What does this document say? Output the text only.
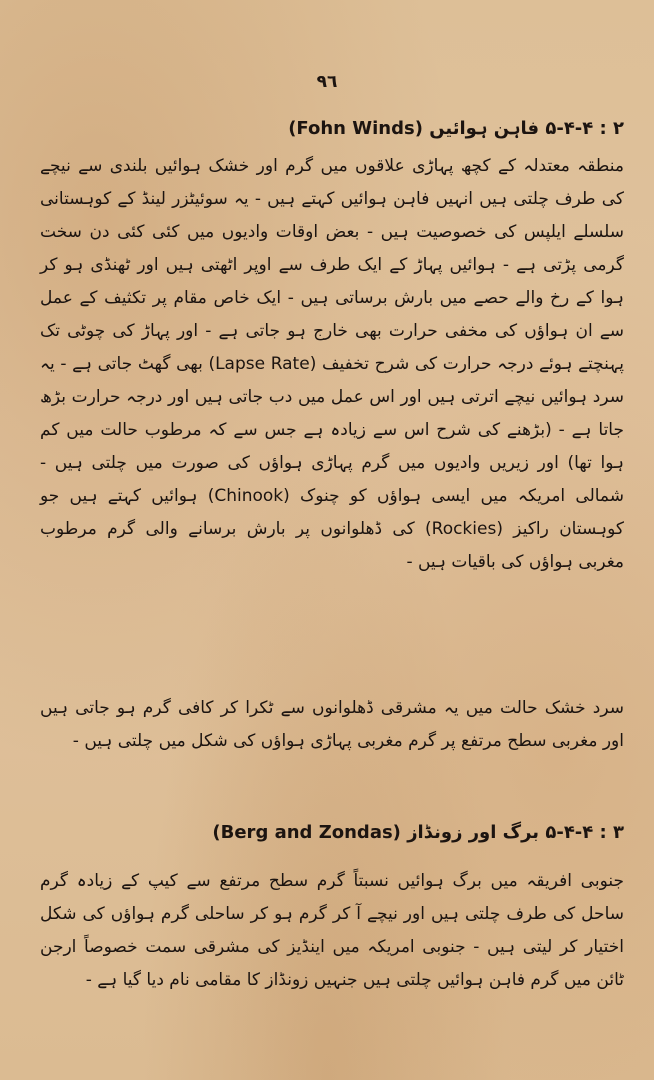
۹٦
۲ : ۵-۴-۴ فاہن ہوائیں (Fohn Winds)

منطقہ معتدلہ کے کچھ پہاڑی علاقوں میں گرم اور خشک ہوائیں بلندی سے نیچے کی طرف چلتی ہیں انہیں فاہن ہوائیں کہتے ہیں - یہ سوئیٹزر لینڈ کے کوہستانی سلسلے ایلپس کی خصوصیت ہیں - بعض اوقات وادیوں میں کئی کئی دن سخت گرمی پڑتی ہے - ہوائیں پہاڑ کے ایک طرف سے اوپر اٹھتی ہیں اور ٹھنڈی ہو کر ہوا کے رخ والے حصے میں بارش برساتی ہیں - ایک خاص مقام پر تکثیف کے عمل سے ان ہواؤں کی مخفی حرارت بھی خارج ہو جاتی ہے - اور پہاڑ کی چوٹی تک پہنچتے ہوئے درجہ حرارت کی شرح تخفیف (Lapse Rate) بھی گھٹ جاتی ہے - یہ سرد ہوائیں نیچے اترتی ہیں اور اس عمل میں دب جاتی ہیں اور درجہ حرارت بڑھ جاتا ہے - (بڑھنے کی شرح اس سے زیادہ ہے جس سے کہ مرطوب حالت میں کم ہوا تھا) اور زیریں وادیوں میں گرم پہاڑی ہواؤں کی صورت میں چلتی ہیں - شمالی امریکہ میں ایسی ہواؤں کو چنوک (Chinook) ہوائیں کہتے ہیں جو کوہستان راکیز (Rockies) کی ڈھلوانوں پر بارش برسانے والی گرم مرطوب مغربی ہواؤں کی باقیات ہیں -

سرد خشک حالت میں یہ مشرقی ڈھلوانوں سے ٹکرا کر کافی گرم ہو جاتی ہیں اور مغربی سطح مرتفع پر گرم مغربی پہاڑی ہواؤں کی شکل میں چلتی ہیں -

۳ : ۵-۴-۴ برگ اور زونڈاز (Berg and Zondas)

جنوبی افریقہ میں برگ ہوائیں نسبتاً گرم سطح مرتفع سے کیپ کے زیادہ گرم ساحل کی طرف چلتی ہیں اور نیچے آ کر گرم ہو کر ساحلی گرم ہواؤں کی شکل اختیار کر لیتی ہیں - جنوبی امریکہ میں اینڈیز کی مشرقی سمت خصوصاً ارجن ٹائن میں گرم فاہن ہوائیں چلتی ہیں جنہیں زونڈاز کا مقامی نام دیا گیا ہے -
